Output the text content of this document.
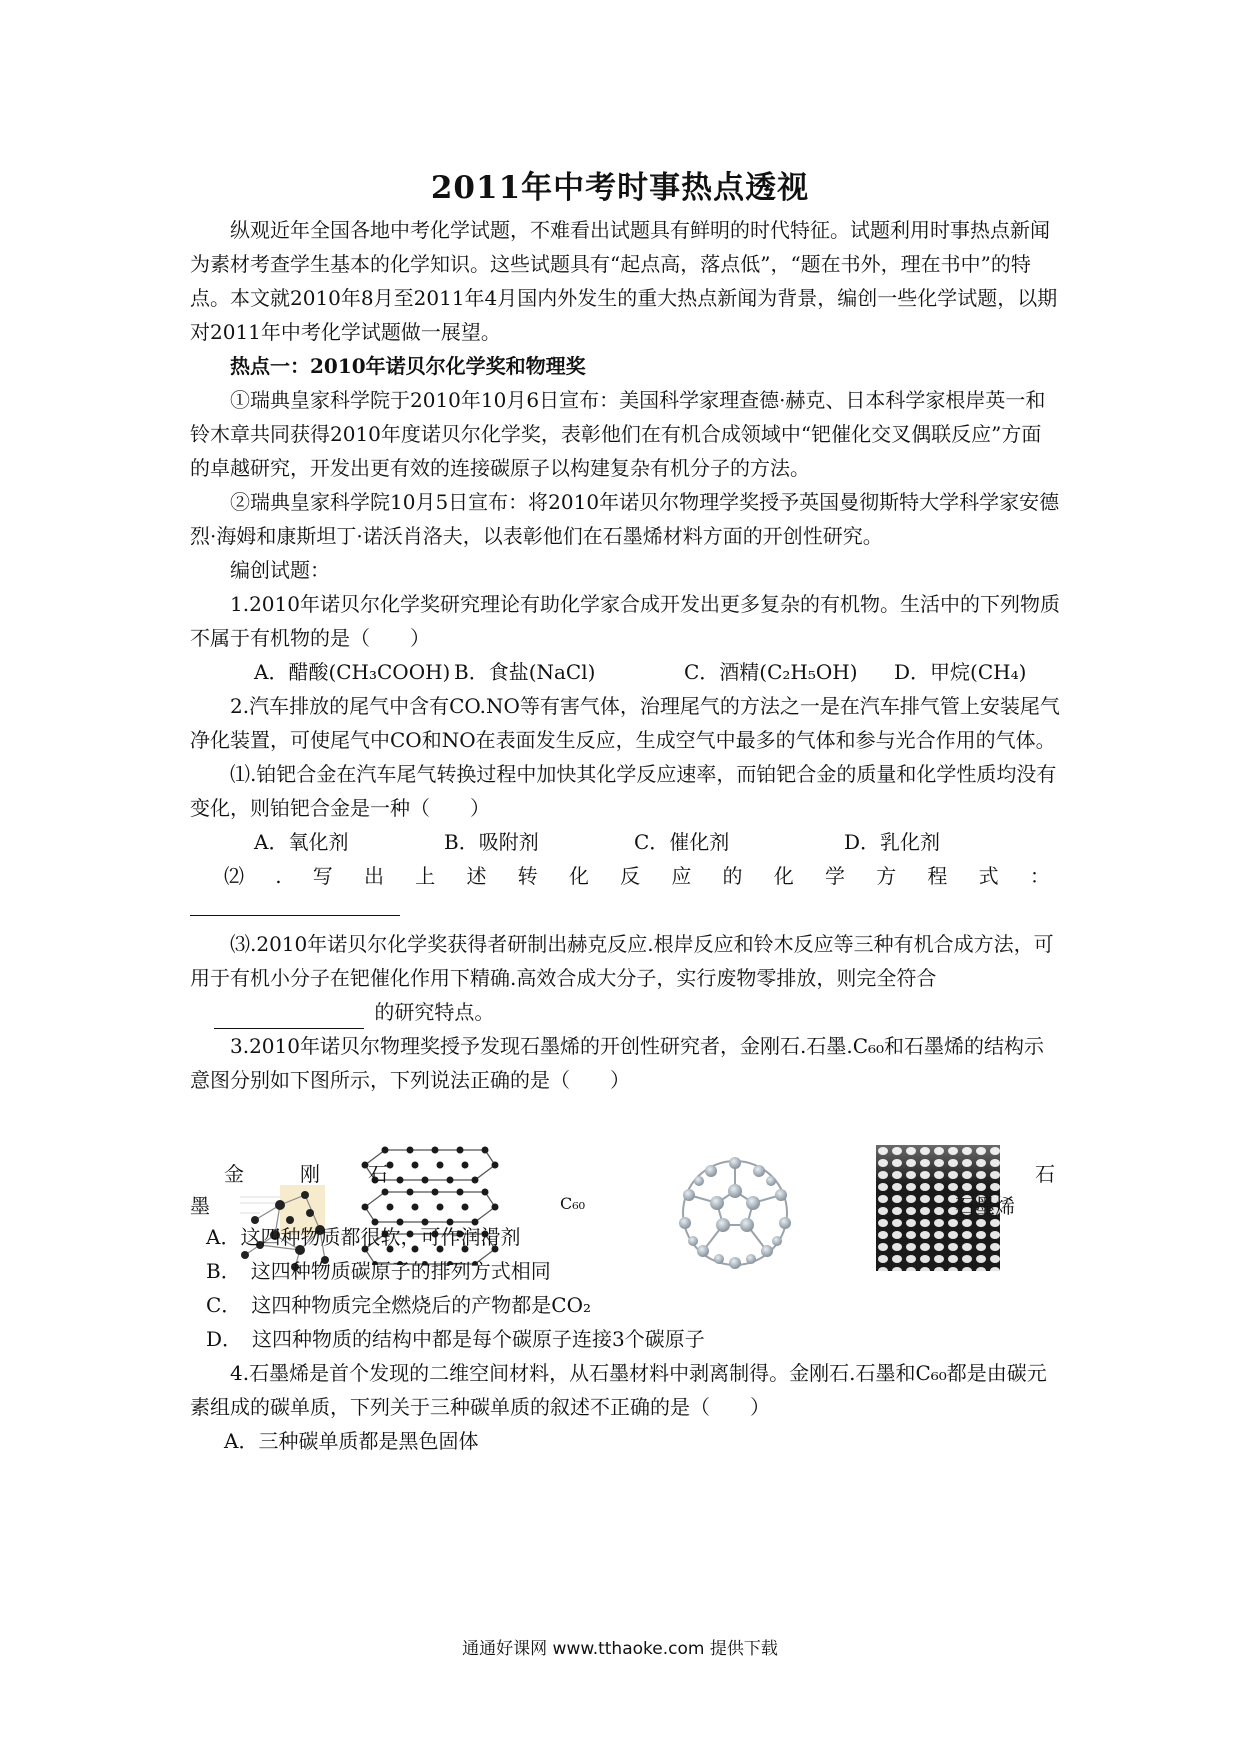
2011年中考时事热点透视

纵观近年全国各地中考化学试题，不难看出试题具有鲜明的时代特征。试题利用时事热点新闻为素材考查学生基本的化学知识。这些试题具有“起点高，落点低”，“题在书外，理在书中”的特点。本文就2010年8月至2011年4月国内外发生的重大热点新闻为背景，编创一些化学试题，以期对2011年中考化学试题做一展望。

热点一：2010年诺贝尔化学奖和物理奖

①瑞典皇家科学院于2010年10月6日宣布：美国科学家理查德·赫克、日本科学家根岸英一和铃木章共同获得2010年度诺贝尔化学奖，表彰他们在有机合成领域中“钯催化交叉偶联反应”方面的卓越研究，开发出更有效的连接碳原子以构建复杂有机分子的方法。

②瑞典皇家科学院10月5日宣布：将2010年诺贝尔物理学奖授予英国曼彻斯特大学科学家安德烈·海姆和康斯坦丁·诺沃肖洛夫，以表彰他们在石墨烯材料方面的开创性研究。

编创试题：

1.2010年诺贝尔化学奖研究理论有助化学家合成开发出更多复杂的有机物。生活中的下列物质不属于有机物的是（　　）

A．醋酸(CH₃COOH) B．食盐(NaCl)	C．酒精(C₂H₅OH)	D．甲烷(CH₄)

2.汽车排放的尾气中含有CO.NO等有害气体，治理尾气的方法之一是在汽车排气管上安装尾气净化装置，可使尾气中CO和NO在表面发生反应，生成空气中最多的气体和参与光合作用的气体。

⑴.铂钯合金在汽车尾气转换过程中加快其化学反应速率，而铂钯合金的质量和化学性质均没有变化，则铂钯合金是一种（　　）

A．氧化剂	B．吸附剂	C．催化剂	D．乳化剂
⑵ . 写 出 上 述 转 化 反 应 的 化 学 方 程 式 ：

⑶.2010年诺贝尔化学奖获得者研制出赫克反应.根岸反应和铃木反应等三种有机合成方法，可用于有机小分子在钯催化作用下精确.高效合成大分子，实行废物零排放，则完全符合  的研究特点。

3.2010年诺贝尔物理奖授予发现石墨烯的开创性研究者，金刚石.石墨.C₆₀和石墨烯的结构示意图分别如下图所示，下列说法正确的是（　　）

金	刚 石	石
墨	C₆₀	石墨烯

A．这四种物质都很软，可作润滑剂

B．　这四种物质碳原子的排列方式相同

C．　这四种物质完全燃烧后的产物都是CO₂

D．　这四种物质的结构中都是每个碳原子连接3个碳原子

4.石墨烯是首个发现的二维空间材料，从石墨材料中剥离制得。金刚石.石墨和C₆₀都是由碳元素组成的碳单质，下列关于三种碳单质的叙述不正确的是（　　）

A．三种碳单质都是黑色固体

通通好课网 www.tthaoke.com 提供下载
